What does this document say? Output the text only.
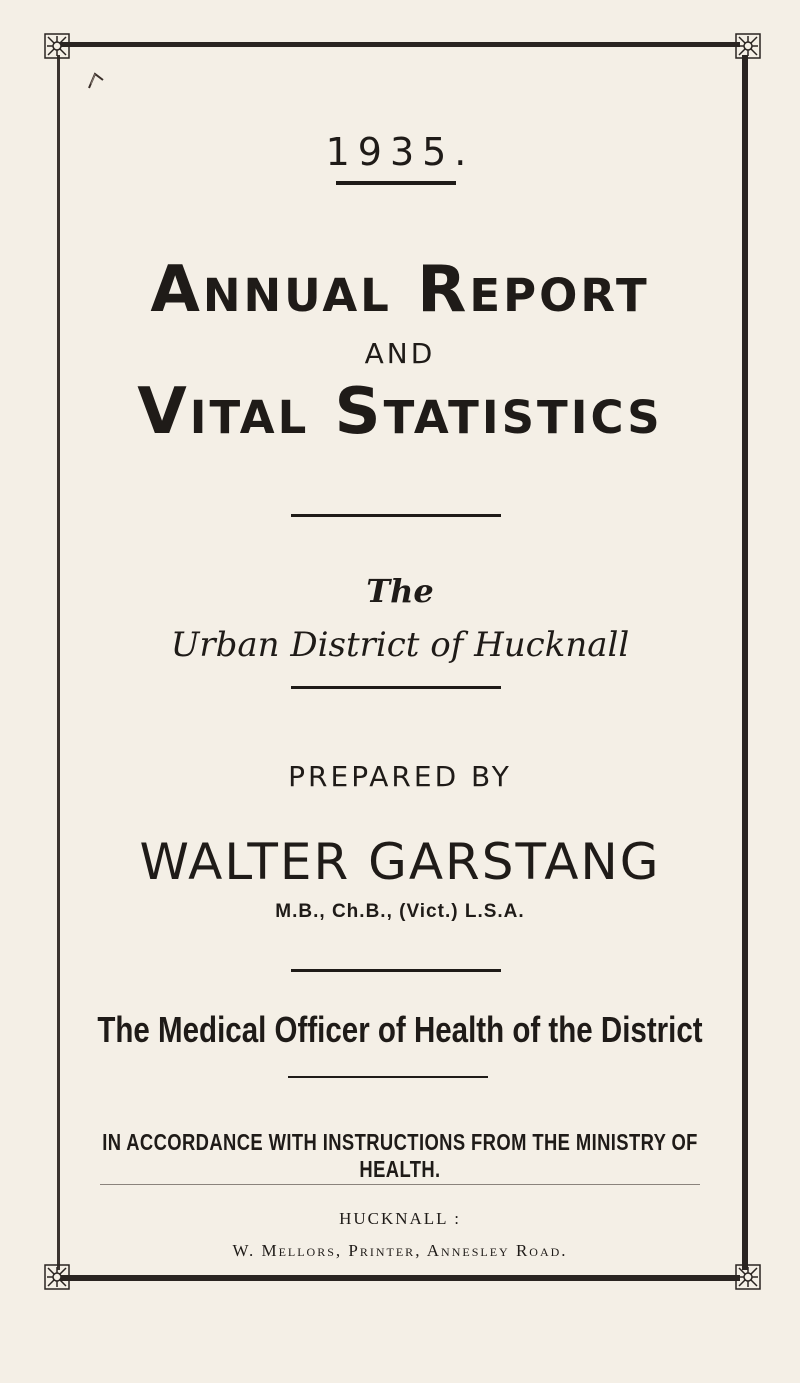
1935.
Annual Report
AND
Vital Statistics
The
Urban District of Hucknall
PREPARED BY
WALTER GARSTANG
M.B., Ch.B., (Vict.) L.S.A.
The Medical Officer of Health of the District
IN ACCORDANCE WITH INSTRUCTIONS FROM THE MINISTRY OF HEALTH.
HUCKNALL :
W. Mellors, Printer, Annesley Road.
